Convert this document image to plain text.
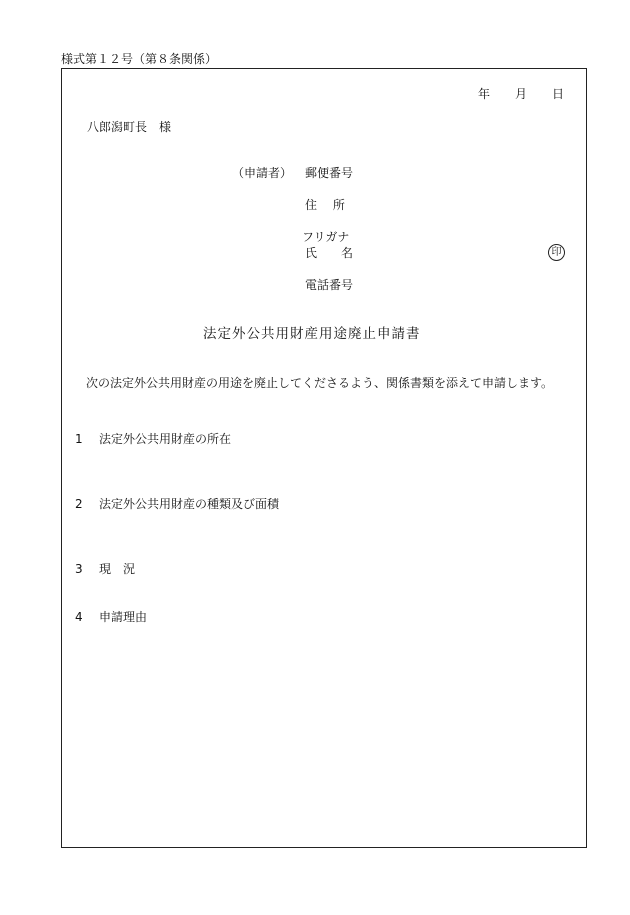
様式第１２号（第８条関係）
年 月 日
八郎潟町長　様
（申請者） 郵便番号
住　 所
フリガナ
氏　　名	印
電話番号
法定外公共用財産用途廃止申請書
次の法定外公共用財産の用途を廃止してくださるよう、関係書類を添えて申請します。
1 法定外公共用財産の所在
2 法定外公共用財産の種類及び面積
3 現　況
4 申請理由
